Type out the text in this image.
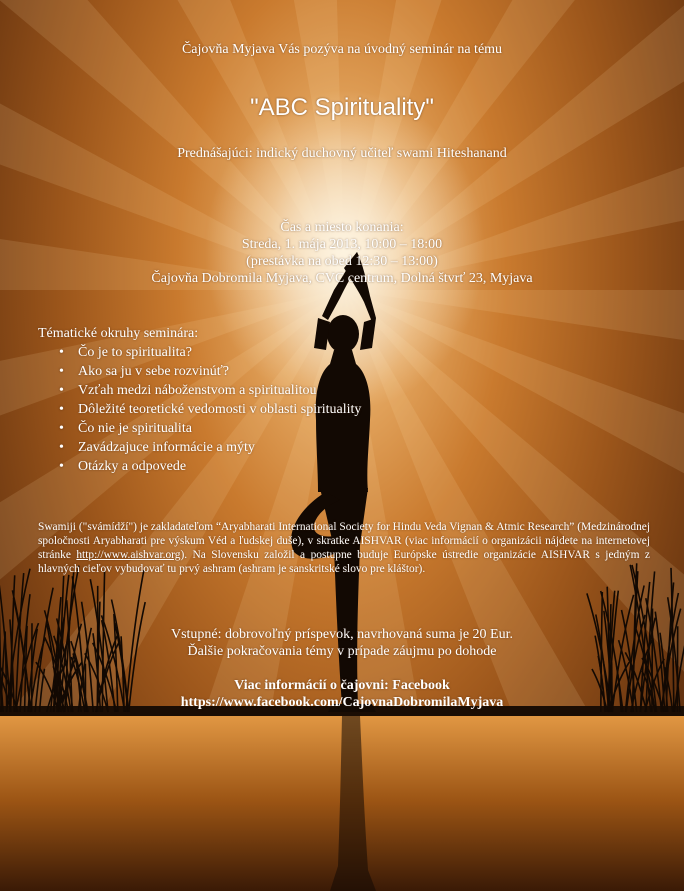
Čajovňa Myjava Vás pozýva na úvodný seminár na tému
"ABC Spirituality"
Prednášajúci: indický duchovný učiteľ swami Hiteshanand
Čas a miesto konania:
Streda, 1. mája 2013, 10:00 – 18:00
(prestávka na obed 12:30 – 13:00)
Čajovňa Dobromila Myjava, CVC centrum, Dolná štvrť 23, Myjava
Tématické okruhy seminára:
• Čo je to spiritualita?
• Ako sa ju v sebe rozvinúť?
• Vzťah medzi náboženstvom a spiritualitou
• Dôležité teoretické vedomosti v oblasti spirituality
• Čo nie je spiritualita
• Zavádzajuce informácie a mýty
• Otázky a odpovede
Swamiji ("svámídží") je zakladateľom “Aryabharati International Society for Hindu Veda Vignan & Atmic Research” (Medzinárodnej spoločnosti Aryabharati pre výskum Véd a ľudskej duše), v skratke AISHVAR (viac informácií o organizácii nájdete na internetovej stránke http://www.aishvar.org). Na Slovensku založil a postupne buduje Európske ústredie organizácie AISHVAR s jedným z hlavných cieľov vybudovať tu prvý ashram (ashram je sanskritské slovo pre kláštor).
Vstupné: dobrovoľný príspevok, navrhovaná suma je 20 Eur.
Ďalšie pokračovania témy v prípade záujmu po dohode
Viac informácií o čajovni: Facebook
https://www.facebook.com/CajovnaDobromilaMyjava
